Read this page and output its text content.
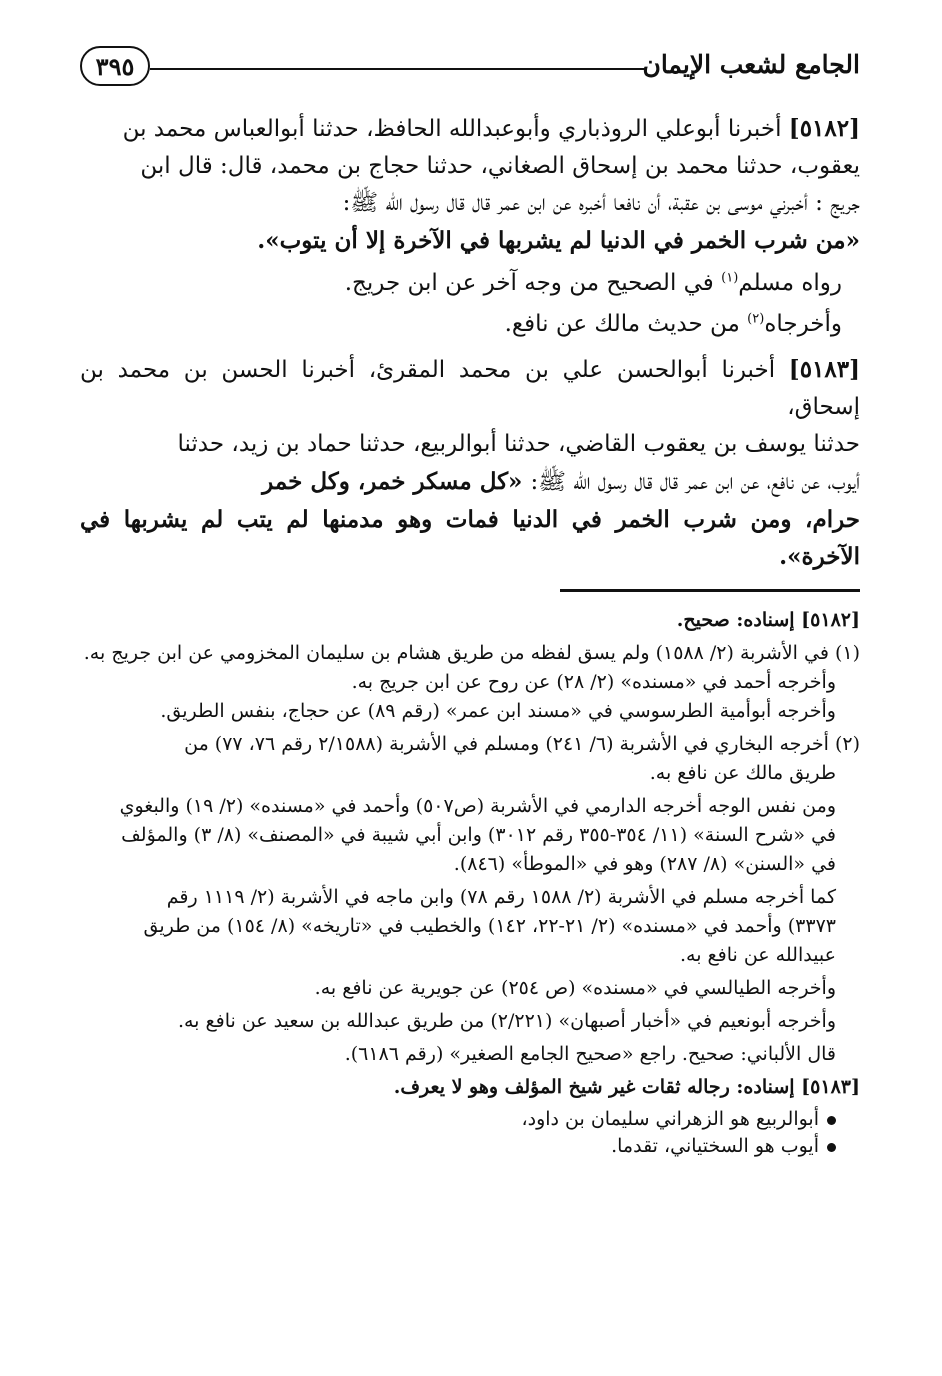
الجامع لشعب الإيمان
٣٩٥
[٥١٨٢] أخبرنا أبوعلي الروذباري وأبوعبدالله الحافظ، حدثنا أبوالعباس محمد بن
يعقوب، حدثنا محمد بن إسحاق الصغاني، حدثنا حجاج بن محمد، قال: قال ابن
جريج : أخبرني موسى بن عقبة، أن نافعا أخبره عن ابن عمر قال قال رسول الله ﷺ:
«من شرب الخمر في الدنيا لم يشربها في الآخرة إلا أن يتوب».
رواه مسلم$^{(١)}$ في الصحيح من وجه آخر عن ابن جريج.
وأخرجاه$^{(٢)}$ من حديث مالك عن نافع.
[٥١٨٣] أخبرنا أبوالحسن علي بن محمد المقرئ، أخبرنا الحسن بن محمد بن إسحاق،
حدثنا يوسف بن يعقوب القاضي، حدثنا أبوالربيع، حدثنا حماد بن زيد، حدثنا
أيوب، عن نافع، عن ابن عمر قال قال رسول الله ﷺ: «كل مسكر خمر، وكل خمر
حرام، ومن شرب الخمر في الدنيا فمات وهو مدمنها لم يتب لم يشربها في الآخرة».
[٥١٨٢] إسناده: صحيح.
(١) في الأشربة (٢/ ١٥٨٨) ولم يسق لفظه من طريق هشام بن سليمان المخزومي عن ابن جريج به.
وأخرجه أحمد في «مسنده» (٢/ ٢٨) عن روح عن ابن جريج به.
وأخرجه أبوأمية الطرسوسي في «مسند ابن عمر» (رقم ٨٩) عن حجاج، بنفس الطريق.
(٢) أخرجه البخاري في الأشربة (٦/ ٢٤١) ومسلم في الأشربة (٢/١٥٨٨ رقم ٧٦، ٧٧) من
طريق مالك عن نافع به.
ومن نفس الوجه أخرجه الدارمي في الأشربة (ص٥٠٧) وأحمد في «مسنده» (٢/ ١٩) والبغوي
في «شرح السنة» (١١/ ٣٥٤-٣٥٥ رقم ٣٠١٢) وابن أبي شيبة في «المصنف» (٨/ ٣) والمؤلف
في «السنن» (٨/ ٢٨٧) وهو في «الموطأ» (٨٤٦).
كما أخرجه مسلم في الأشربة (٢/ ١٥٨٨ رقم ٧٨) وابن ماجه في الأشربة (٢/ ١١١٩ رقم
٣٣٧٣) وأحمد في «مسنده» (٢/ ٢١-٢٢، ١٤٢) والخطيب في «تاريخه» (٨/ ١٥٤) من طريق
عبيدالله عن نافع به.
وأخرجه الطيالسي في «مسنده» (ص ٢٥٤) عن جويرية عن نافع به.
وأخرجه أبونعيم في «أخبار أصبهان» (٢/٢٢١) من طريق عبدالله بن سعيد عن نافع به.
قال الألباني: صحيح. راجع «صحيح الجامع الصغير» (رقم ٦١٨٦).
[٥١٨٣] إسناده: رجاله ثقات غير شيخ المؤلف وهو لا يعرف.
أبوالربيع هو الزهراني سليمان بن داود،
أيوب هو السختياني، تقدما.
